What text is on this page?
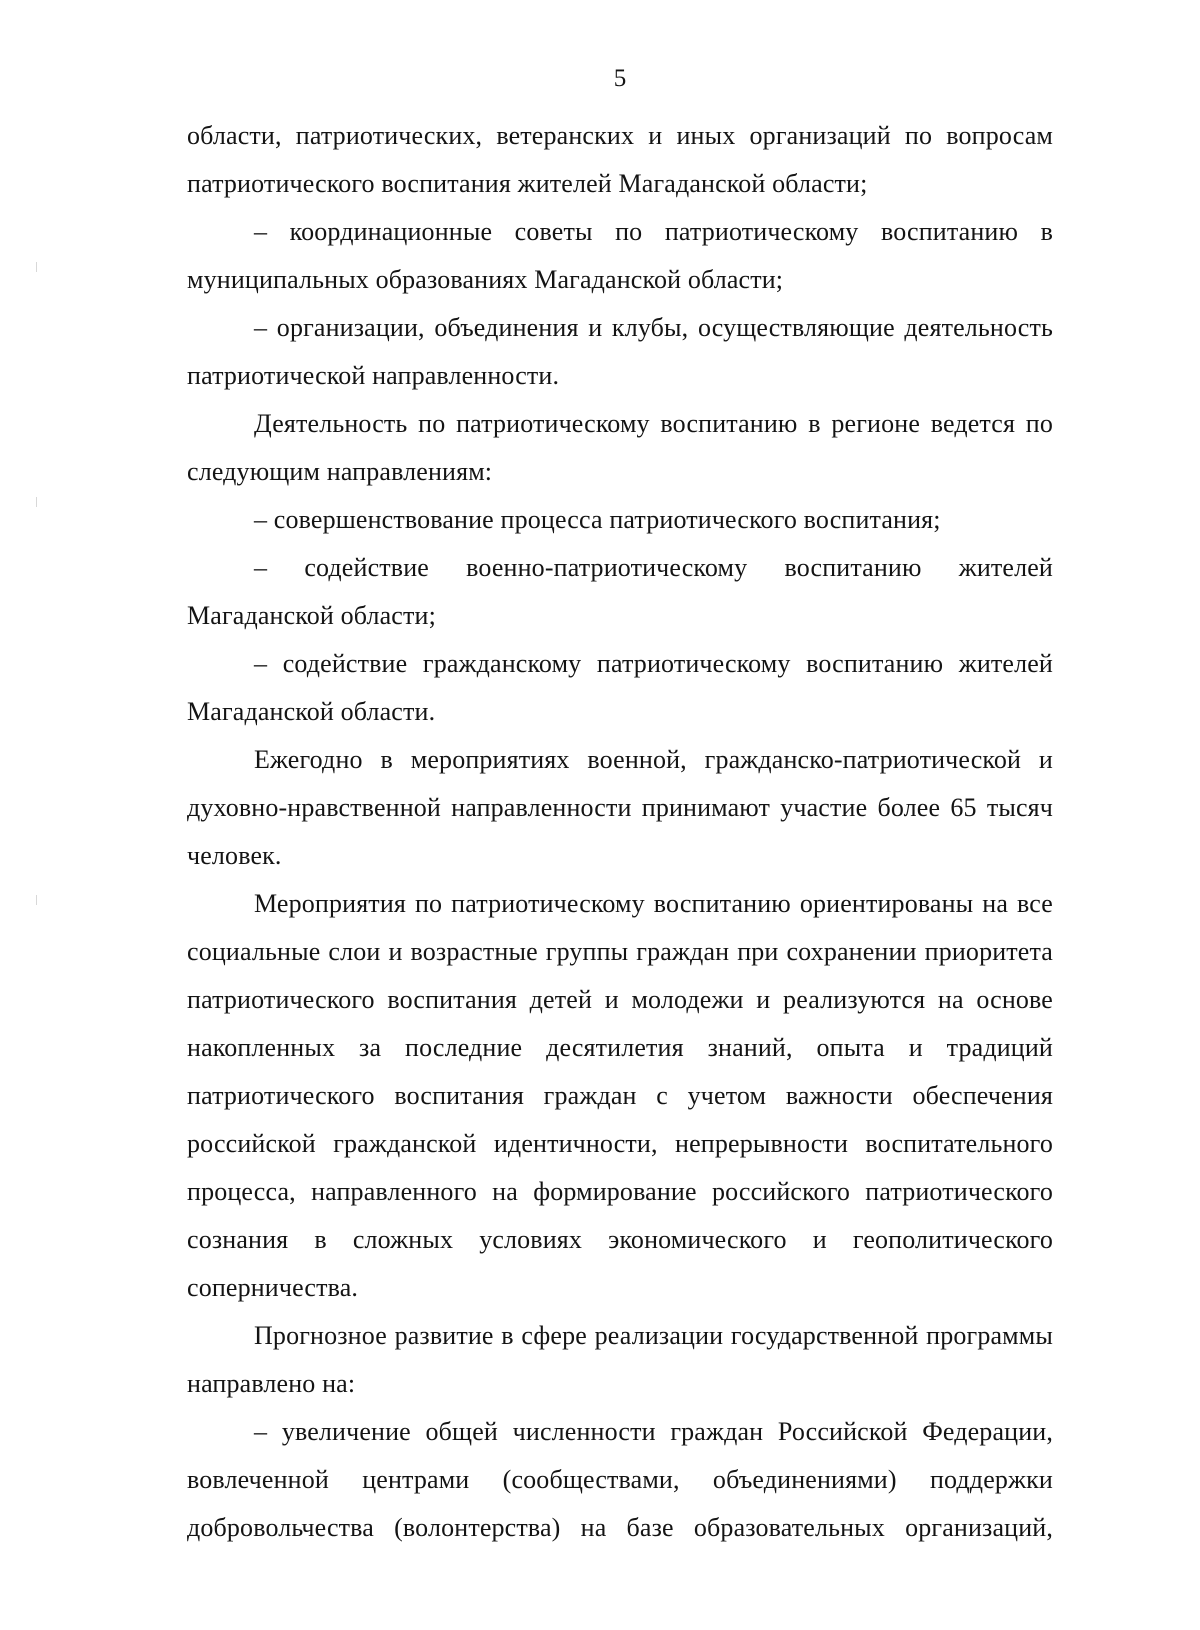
5

области, патриотических, ветеранских и иных организаций по вопросам патриотического воспитания жителей Магаданской области;

– координационные советы по патриотическому воспитанию в муниципальных образованиях Магаданской области;

– организации, объединения и клубы, осуществляющие деятельность патриотической направленности.

Деятельность по патриотическому воспитанию в регионе ведется по следующим направлениям:

– совершенствование процесса патриотического воспитания;

– содействие военно-патриотическому воспитанию жителей Магаданской области;

– содействие гражданскому патриотическому воспитанию жителей Магаданской области.

Ежегодно в мероприятиях военной, гражданско-патриотической и духовно-нравственной направленности принимают участие более 65 тысяч человек.

Мероприятия по патриотическому воспитанию ориентированы на все социальные слои и возрастные группы граждан при сохранении приоритета патриотического воспитания детей и молодежи и реализуются на основе накопленных за последние десятилетия знаний, опыта и традиций патриотического воспитания граждан с учетом важности обеспечения российской гражданской идентичности, непрерывности воспитательного процесса, направленного на формирование российского патриотического сознания в сложных условиях экономического и геополитического соперничества.

Прогнозное развитие в сфере реализации государственной программы направлено на:

– увеличение общей численности граждан Российской Федерации, вовлеченной центрами (сообществами, объединениями) поддержки добровольчества (волонтерства) на базе образовательных организаций,
